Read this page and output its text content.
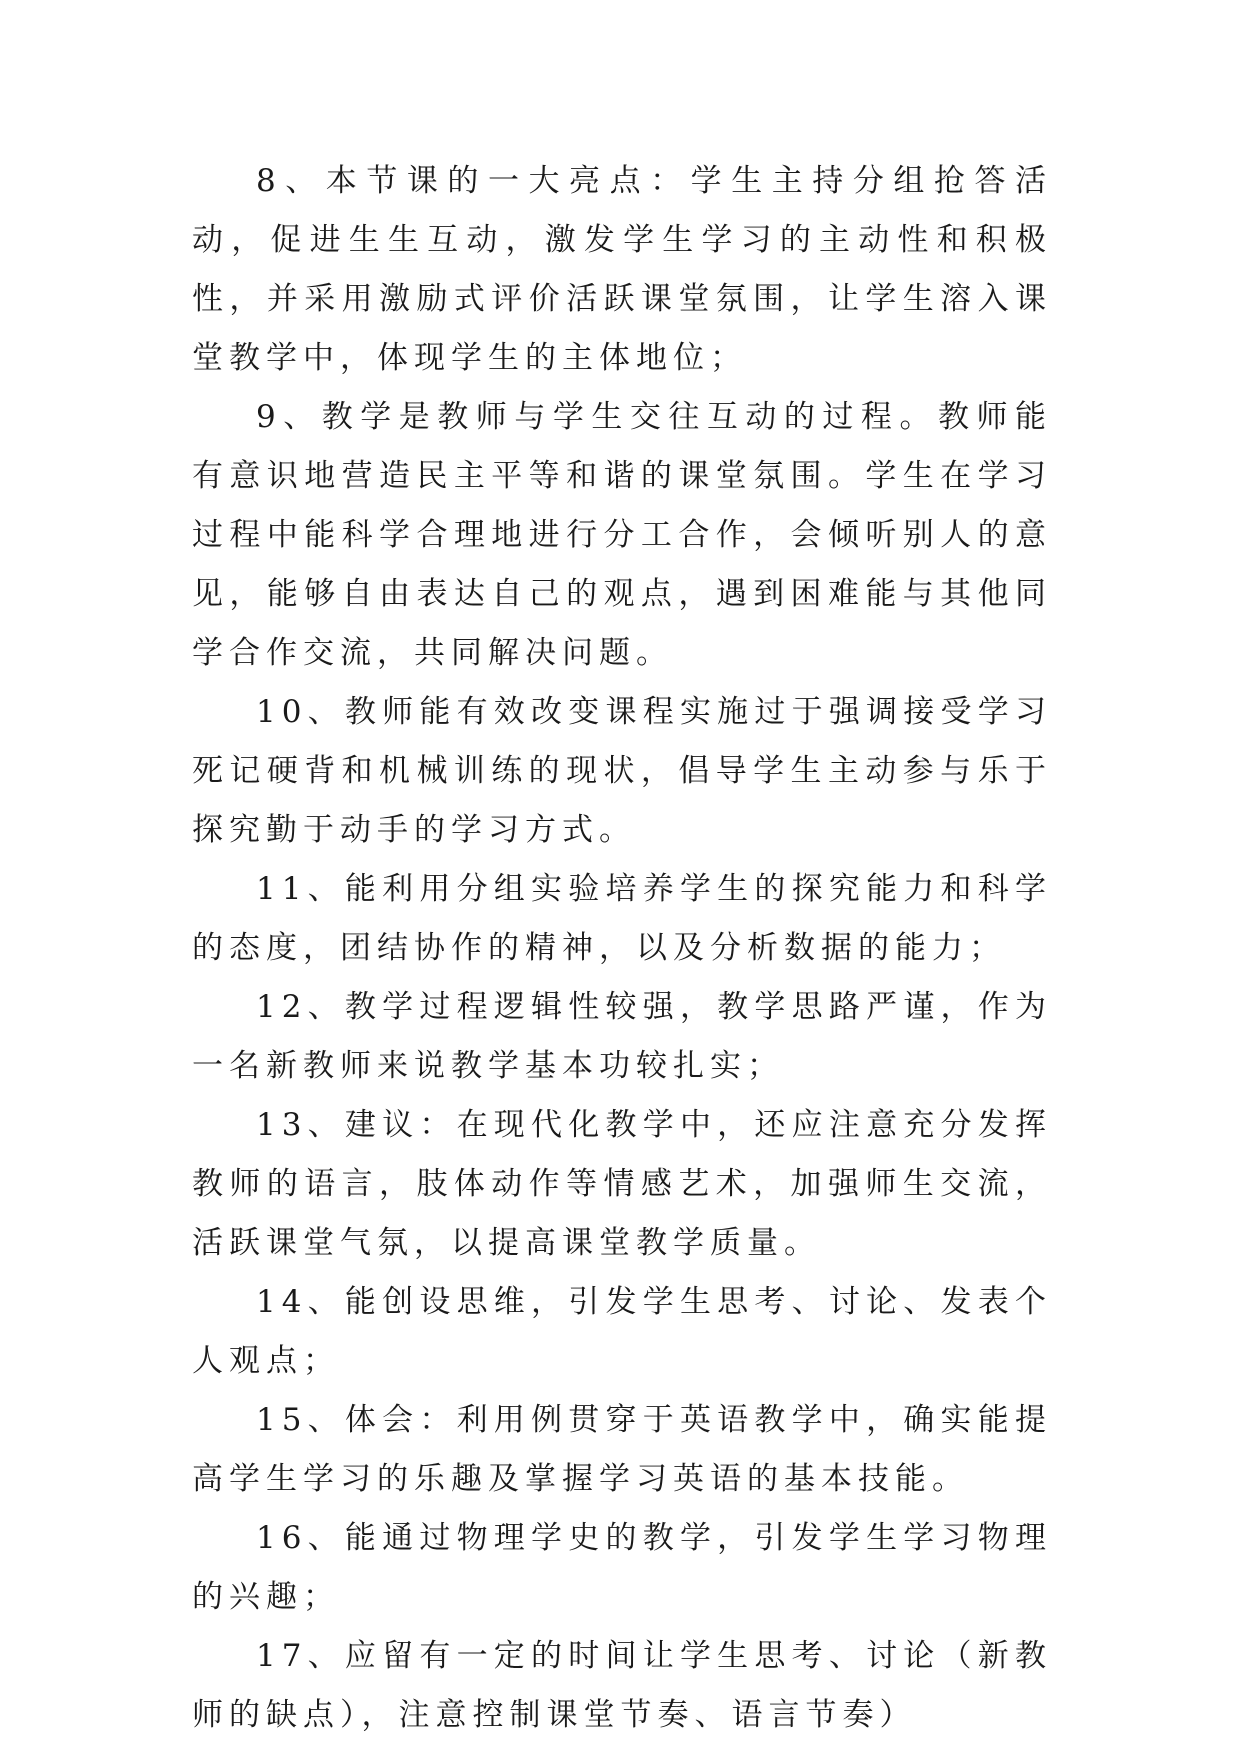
8、本节课的一大亮点：学生主持分组抢答活动，促进生生互动，激发学生学习的主动性和积极性，并采用激励式评价活跃课堂氛围，让学生溶入课堂教学中，体现学生的主体地位；

9、教学是教师与学生交往互动的过程。教师能有意识地营造民主平等和谐的课堂氛围。学生在学习过程中能科学合理地进行分工合作，会倾听别人的意见，能够自由表达自己的观点，遇到困难能与其他同学合作交流，共同解决问题。

10、教师能有效改变课程实施过于强调接受学习死记硬背和机械训练的现状，倡导学生主动参与乐于探究勤于动手的学习方式。

11、能利用分组实验培养学生的探究能力和科学的态度，团结协作的精神，以及分析数据的能力；

12、教学过程逻辑性较强，教学思路严谨，作为一名新教师来说教学基本功较扎实；

13、建议：在现代化教学中，还应注意充分发挥教师的语言，肢体动作等情感艺术，加强师生交流，活跃课堂气氛，以提高课堂教学质量。

14、能创设思维，引发学生思考、讨论、发表个人观点；

15、体会：利用例贯穿于英语教学中，确实能提高学生学习的乐趣及掌握学习英语的基本技能。

16、能通过物理学史的教学，引发学生学习物理的兴趣；

17、应留有一定的时间让学生思考、讨论（新教师的缺点），注意控制课堂节奏、语言节奏）
